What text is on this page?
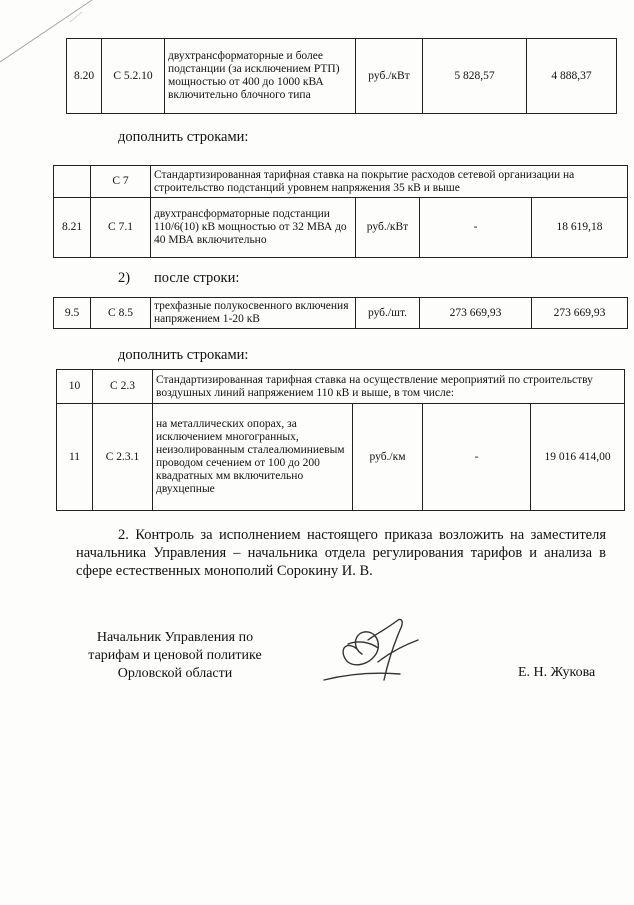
8.20	С 5.2.10	двухтрансформаторные и более подстанции (за исключением РТП) мощностью от 400 до 1000 кВА включительно блочного типа	руб./кВт	5 828,57	4 888,37
дополнить строками:
	С 7	Стандартизированная тарифная ставка на покрытие расходов сетевой организации на строительство подстанций уровнем напряжения 35 кВ и выше			
8.21	С 7.1	двухтрансформаторные подстанции 110/6(10) кВ мощностью от 32 МВА до 40 МВА включительно	руб./кВт	-	18 619,18
2) после строки:
9.5	С 8.5	трехфазные полукосвенного включения напряжением 1-20 кВ	руб./шт.	273 669,93	273 669,93
дополнить строками:
10	С 2.3	Стандартизированная тарифная ставка на осуществление мероприятий по строительству воздушных линий напряжением 110 кВ и выше, в том числе:			
11	С 2.3.1	на металлических опорах, за исключением многогранных, неизолированным сталеалюминиевым проводом сечением от 100 до 200 квадратных мм включительно двухцепные	руб./км	-	19 016 414,00
2. Контроль за исполнением настоящего приказа возложить на заместителя начальника Управления – начальника отдела регулирования тарифов и анализа в сфере естественных монополий Сорокину И. В.
Начальник Управления по
тарифам и ценовой политике
Орловской области	Е. Н. Жукова
